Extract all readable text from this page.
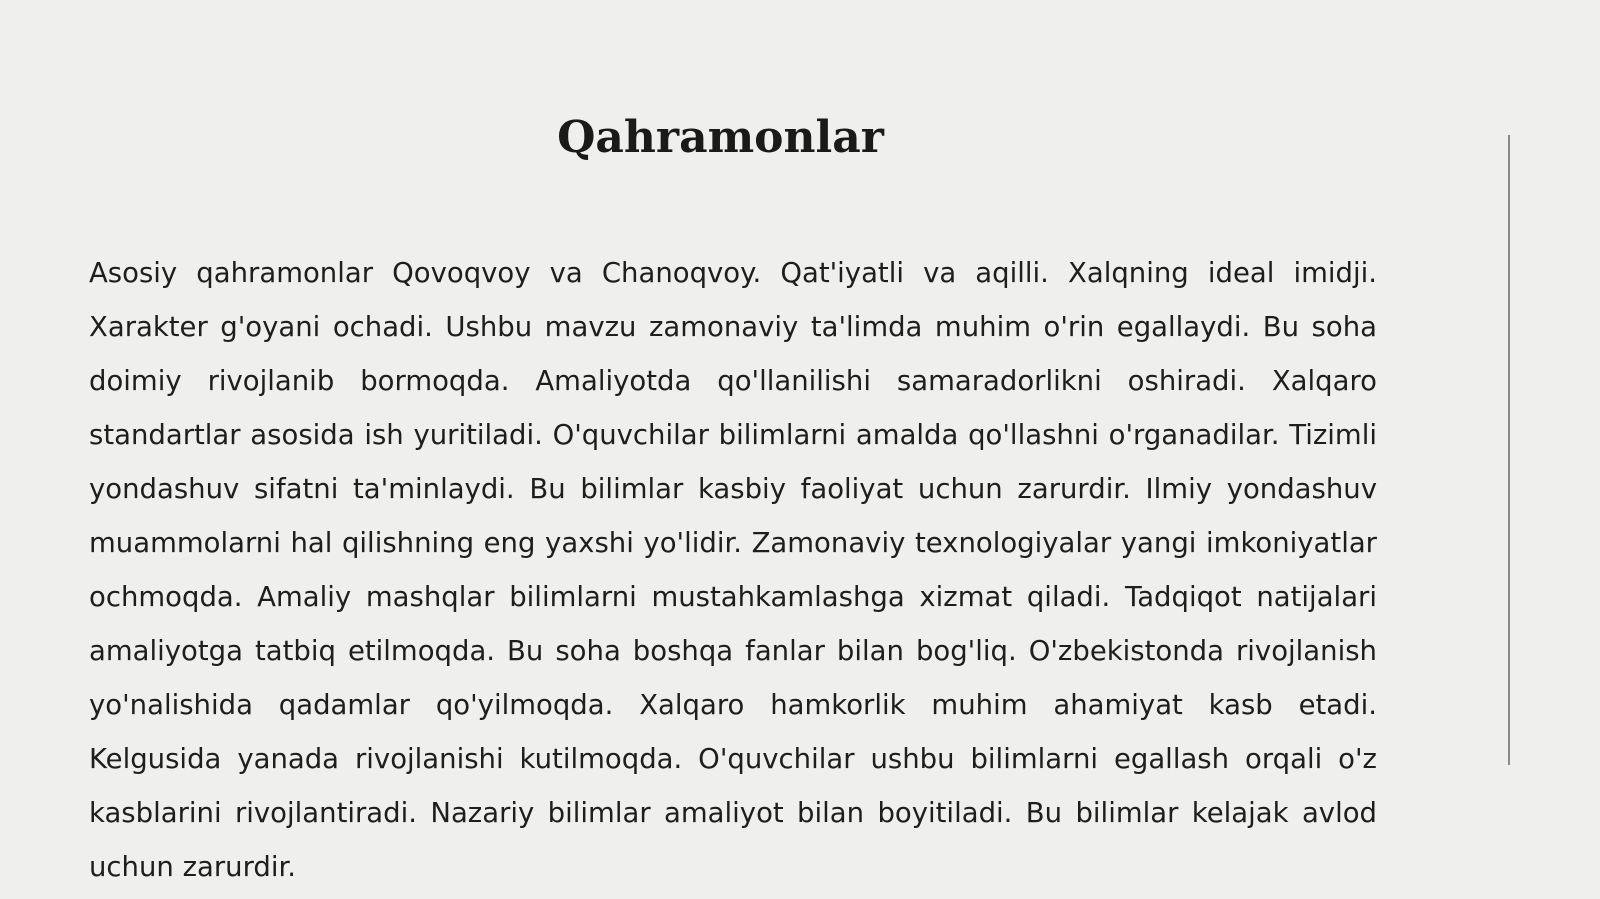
Qahramonlar

Asosiy qahramonlar Qovoqvoy va Chanoqvoy. Qat'iyatli va aqilli. Xalqning ideal imidji. Xarakter g'oyani ochadi. Ushbu mavzu zamonaviy ta'limda muhim o'rin egallaydi. Bu soha doimiy rivojlanib bormoqda. Amaliyotda qo'llanilishi samaradorlikni oshiradi. Xalqaro standartlar asosida ish yuritiladi. O'quvchilar bilimlarni amalda qo'llashni o'rganadilar. Tizimli yondashuv sifatni ta'minlaydi. Bu bilimlar kasbiy faoliyat uchun zarurdir. Ilmiy yondashuv muammolarni hal qilishning eng yaxshi yo'lidir. Zamonaviy texnologiyalar yangi imkoniyatlar ochmoqda. Amaliy mashqlar bilimlarni mustahkamlashga xizmat qiladi. Tadqiqot natijalari amaliyotga tatbiq etilmoqda. Bu soha boshqa fanlar bilan bog'liq. O'zbekistonda rivojlanish yo'nalishida qadamlar qo'yilmoqda. Xalqaro hamkorlik muhim ahamiyat kasb etadi. Kelgusida yanada rivojlanishi kutilmoqda. O'quvchilar ushbu bilimlarni egallash orqali o'z kasblarini rivojlantiradi. Nazariy bilimlar amaliyot bilan boyitiladi. Bu bilimlar kelajak avlod uchun zarurdir.
